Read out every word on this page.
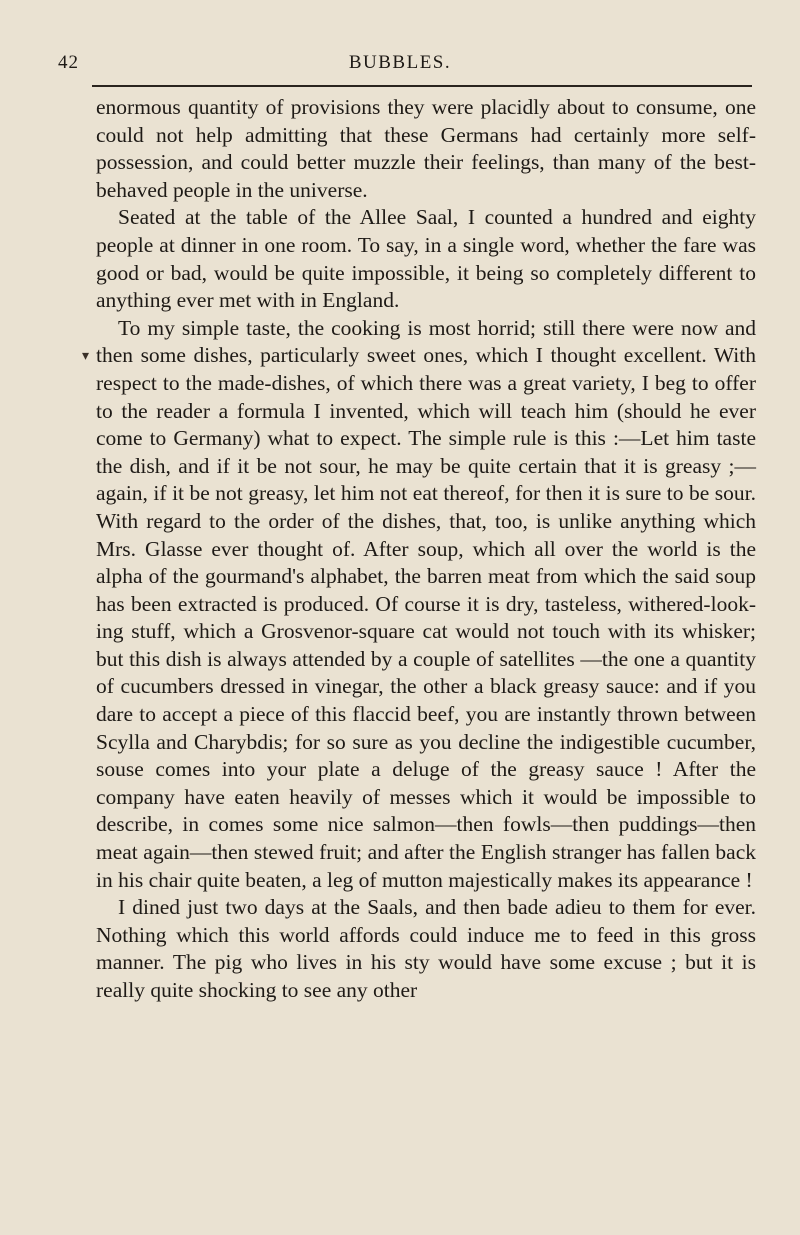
42	BUBBLES.
▾

enormous quantity of provisions they were placidly about to consume, one could not help admitting that these Germans had certainly more self-possession, and could better muzzle their feelings, than many of the best-behaved people in the universe.

Seated at the table of the Allee Saal, I counted a hundred and eighty people at dinner in one room. To say, in a single word, whether the fare was good or bad, would be quite impossible, it being so completely different to anything ever met with in England.

To my simple taste, the cooking is most horrid; still there were now and then some dishes, particularly sweet ones, which I thought excellent. With respect to the made-dishes, of which there was a great variety, I beg to offer to the reader a formula I invented, which will teach him (should he ever come to Germany) what to expect. The simple rule is this :—Let him taste the dish, and if it be not sour, he may be quite certain that it is greasy ;— again, if it be not greasy, let him not eat thereof, for then it is sure to be sour. With regard to the order of the dishes, that, too, is unlike anything which Mrs. Glasse ever thought of. After soup, which all over the world is the alpha of the gourmand's alphabet, the barren meat from which the said soup has been extracted is produced. Of course it is dry, tasteless, withered-looking stuff, which a Grosvenor-square cat would not touch with its whisker; but this dish is always attended by a couple of satellites —the one a quantity of cucumbers dressed in vinegar, the other a black greasy sauce: and if you dare to accept a piece of this flaccid beef, you are instantly thrown between Scylla and Charybdis; for so sure as you decline the indigestible cucumber, souse comes into your plate a deluge of the greasy sauce ! After the company have eaten heavily of messes which it would be impossible to describe, in comes some nice salmon—then fowls—then puddings—then meat again—then stewed fruit; and after the English stranger has fallen back in his chair quite beaten, a leg of mutton majestically makes its appearance !

I dined just two days at the Saals, and then bade adieu to them for ever. Nothing which this world affords could induce me to feed in this gross manner. The pig who lives in his sty would have some excuse ; but it is really quite shocking to see any other
